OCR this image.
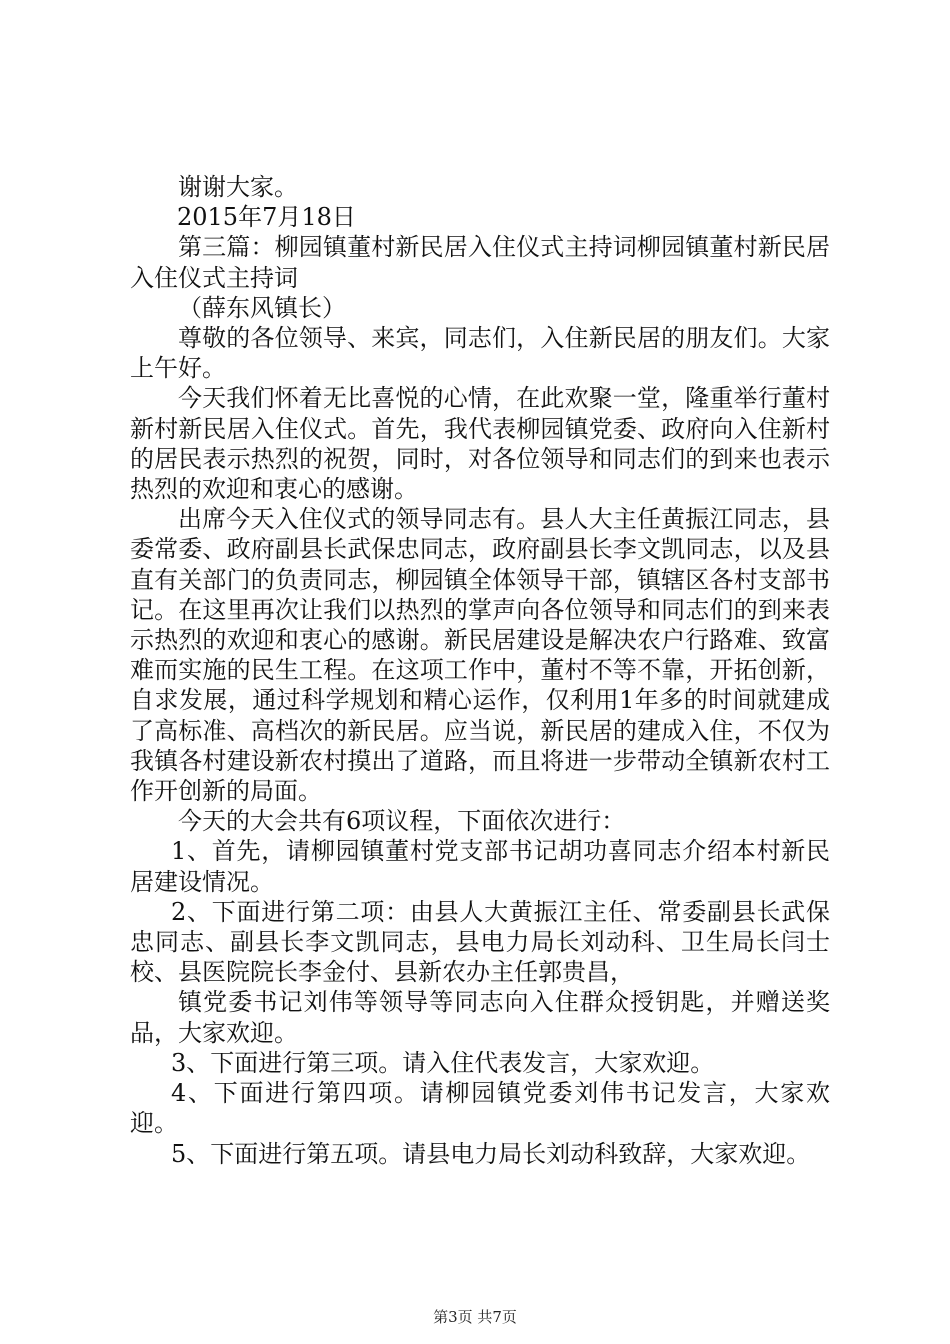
谢谢大家。

2015年7月18日

第三篇：柳园镇董村新民居入住仪式主持词柳园镇董村新民居入住仪式主持词

（薛东风镇长）

尊敬的各位领导、来宾，同志们，入住新民居的朋友们。大家上午好。

今天我们怀着无比喜悦的心情，在此欢聚一堂，隆重举行董村新村新民居入住仪式。首先，我代表柳园镇党委、政府向入住新村的居民表示热烈的祝贺，同时，对各位领导和同志们的到来也表示热烈的欢迎和衷心的感谢。

出席今天入住仪式的领导同志有。县人大主任黄振江同志，县委常委、政府副县长武保忠同志，政府副县长李文凯同志，以及县直有关部门的负责同志，柳园镇全体领导干部，镇辖区各村支部书记。在这里再次让我们以热烈的掌声向各位领导和同志们的到来表示热烈的欢迎和衷心的感谢。新民居建设是解决农户行路难、致富难而实施的民生工程。在这项工作中，董村不等不靠，开拓创新，自求发展，通过科学规划和精心运作，仅利用1年多的时间就建成了高标准、高档次的新民居。应当说，新民居的建成入住，不仅为我镇各村建设新农村摸出了道路，而且将进一步带动全镇新农村工作开创新的局面。

今天的大会共有6项议程，下面依次进行：

1、首先，请柳园镇董村党支部书记胡功喜同志介绍本村新民居建设情况。

2、下面进行第二项：由县人大黄振江主任、常委副县长武保忠同志、副县长李文凯同志，县电力局长刘动科、卫生局长闫士校、县医院院长李金付、县新农办主任郭贵昌，

镇党委书记刘伟等领导等同志向入住群众授钥匙，并赠送奖品，大家欢迎。

3、下面进行第三项。请入住代表发言，大家欢迎。

4、下面进行第四项。请柳园镇党委刘伟书记发言，大家欢迎。

5、下面进行第五项。请县电力局长刘动科致辞，大家欢迎。

第3页 共7页
